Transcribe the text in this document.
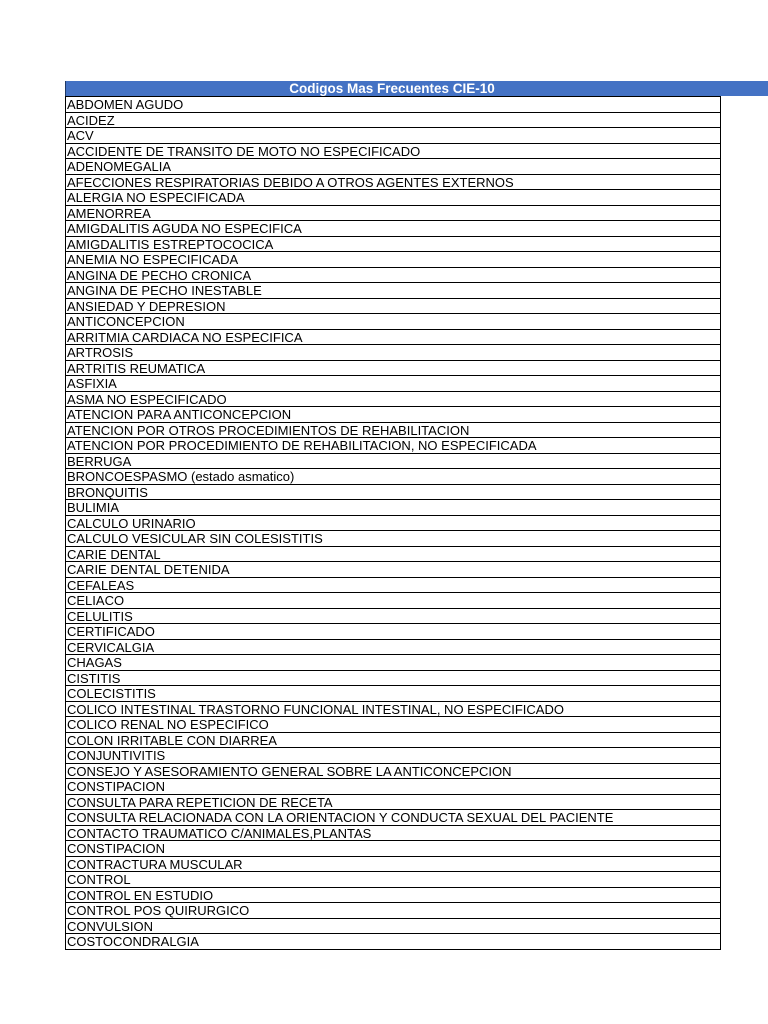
Codigos Mas Frecuentes CIE-10
ABDOMEN AGUDO
ACIDEZ
ACV
ACCIDENTE DE TRANSITO DE MOTO NO ESPECIFICADO
ADENOMEGALIA
AFECCIONES RESPIRATORIAS DEBIDO A OTROS AGENTES EXTERNOS
ALERGIA NO ESPECIFICADA
AMENORREA
AMIGDALITIS AGUDA NO ESPECIFICA
AMIGDALITIS ESTREPTOCOCICA
ANEMIA NO ESPECIFICADA
ANGINA DE PECHO CRONICA
ANGINA DE PECHO INESTABLE
ANSIEDAD Y DEPRESION
ANTICONCEPCION
ARRITMIA CARDIACA NO ESPECIFICA
ARTROSIS
ARTRITIS REUMATICA
ASFIXIA
ASMA NO ESPECIFICADO
ATENCION PARA ANTICONCEPCION
ATENCION POR OTROS PROCEDIMIENTOS DE REHABILITACION
ATENCION POR PROCEDIMIENTO DE REHABILITACION, NO ESPECIFICADA
BERRUGA
BRONCOESPASMO (estado asmatico)
BRONQUITIS
BULIMIA
CALCULO URINARIO
CALCULO VESICULAR SIN COLESISTITIS
CARIE DENTAL
CARIE DENTAL DETENIDA
CEFALEAS
CELIACO
CELULITIS
CERTIFICADO
CERVICALGIA
CHAGAS
CISTITIS
COLECISTITIS
COLICO INTESTINAL TRASTORNO FUNCIONAL INTESTINAL, NO ESPECIFICADO
COLICO RENAL NO ESPECIFICO
COLON IRRITABLE CON DIARREA
CONJUNTIVITIS
CONSEJO Y ASESORAMIENTO GENERAL SOBRE LA ANTICONCEPCION
CONSTIPACION
CONSULTA PARA REPETICION DE RECETA
CONSULTA RELACIONADA CON LA ORIENTACION Y CONDUCTA SEXUAL DEL PACIENTE
CONTACTO TRAUMATICO C/ANIMALES,PLANTAS
CONSTIPACION
CONTRACTURA MUSCULAR
CONTROL
CONTROL EN ESTUDIO
CONTROL POS QUIRURGICO
CONVULSION
COSTOCONDRALGIA
